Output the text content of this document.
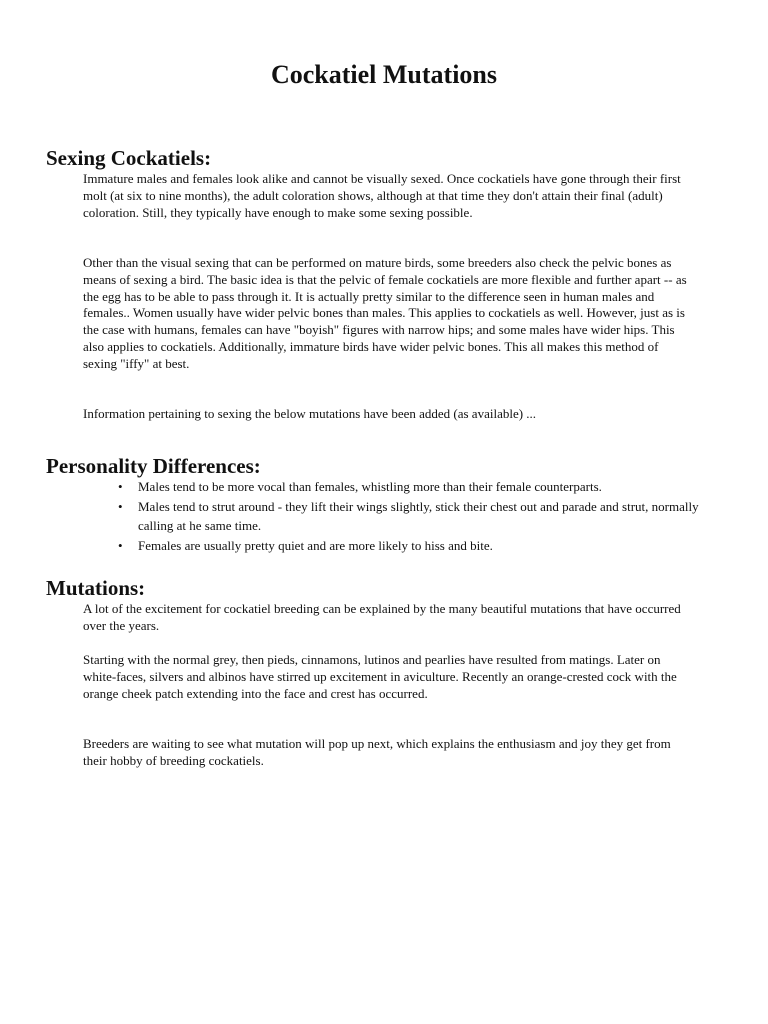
Cockatiel Mutations
Sexing Cockatiels:

Immature males and females look alike and cannot be visually sexed. Once cockatiels have gone through their first molt (at six to nine months), the adult coloration shows, although at that time they don't attain their final (adult) coloration. Still, they typically have enough to make some sexing possible.

Other than the visual sexing that can be performed on mature birds, some breeders also check the pelvic bones as means of sexing a bird. The basic idea is that the pelvic of female cockatiels are more flexible and further apart -- as the egg has to be able to pass through it. It is actually pretty similar to the difference seen in human males and females.. Women usually have wider pelvic bones than males. This applies to cockatiels as well. However, just as is the case with humans, females can have "boyish" figures with narrow hips; and some males have wider hips. This also applies to cockatiels. Additionally, immature birds have wider pelvic bones. This all makes this method of sexing "iffy" at best.

Information pertaining to sexing the below mutations have been added (as available) ...

Personality Differences:
• Males tend to be more vocal than females, whistling more than their female counterparts.
• Males tend to strut around - they lift their wings slightly, stick their chest out and parade and strut, normally calling at he same time.
• Females are usually pretty quiet and are more likely to hiss and bite.
Mutations:

A lot of the excitement for cockatiel breeding can be explained by the many beautiful mutations that have occurred over the years.

Starting with the normal grey, then pieds, cinnamons, lutinos and pearlies have resulted from matings. Later on white-faces, silvers and albinos have stirred up excitement in aviculture. Recently an orange-crested cock with the orange cheek patch extending into the face and crest has occurred.

Breeders are waiting to see what mutation will pop up next, which explains the enthusiasm and joy they get from their hobby of breeding cockatiels.
